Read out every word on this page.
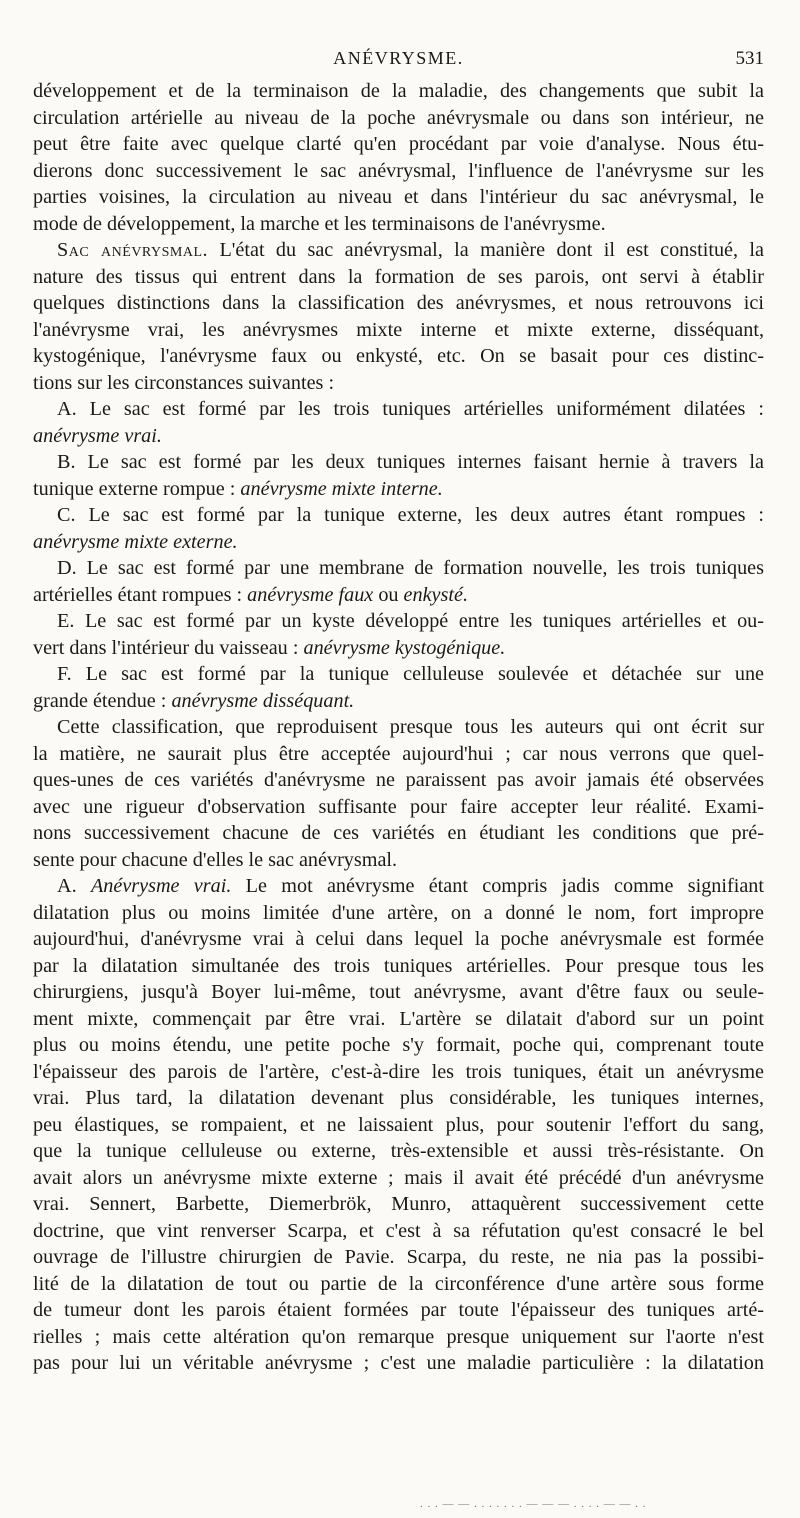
ANÉVRYSME.	531

développement et de la terminaison de la maladie, des changements que subit la

circulation artérielle au niveau de la poche anévrysmale ou dans son intérieur, ne

peut être faite avec quelque clarté qu'en procédant par voie d'analyse. Nous étu-

dierons donc successivement le sac anévrysmal, l'influence de l'anévrysme sur les

parties voisines, la circulation au niveau et dans l'intérieur du sac anévrysmal, le

mode de développement, la marche et les terminaisons de l'anévrysme.

Sac anévrysmal. L'état du sac anévrysmal, la manière dont il est constitué, la

nature des tissus qui entrent dans la formation de ses parois, ont servi à établir

quelques distinctions dans la classification des anévrysmes, et nous retrouvons ici

l'anévrysme vrai, les anévrysmes mixte interne et mixte externe, disséquant,

kystogénique, l'anévrysme faux ou enkysté, etc. On se basait pour ces distinc-

tions sur les circonstances suivantes :

A. Le sac est formé par les trois tuniques artérielles uniformément dilatées :

anévrysme vrai.

B. Le sac est formé par les deux tuniques internes faisant hernie à travers la

tunique externe rompue : anévrysme mixte interne.

C. Le sac est formé par la tunique externe, les deux autres étant rompues :

anévrysme mixte externe.

D. Le sac est formé par une membrane de formation nouvelle, les trois tuniques

artérielles étant rompues : anévrysme faux ou enkysté.

E. Le sac est formé par un kyste développé entre les tuniques artérielles et ou-

vert dans l'intérieur du vaisseau : anévrysme kystogénique.

F. Le sac est formé par la tunique celluleuse soulevée et détachée sur une

grande étendue : anévrysme disséquant.

Cette classification, que reproduisent presque tous les auteurs qui ont écrit sur

la matière, ne saurait plus être acceptée aujourd'hui ; car nous verrons que quel-

ques-unes de ces variétés d'anévrysme ne paraissent pas avoir jamais été observées

avec une rigueur d'observation suffisante pour faire accepter leur réalité. Exami-

nons successivement chacune de ces variétés en étudiant les conditions que pré-

sente pour chacune d'elles le sac anévrysmal.

A. Anévrysme vrai. Le mot anévrysme étant compris jadis comme signifiant

dilatation plus ou moins limitée d'une artère, on a donné le nom, fort impropre

aujourd'hui, d'anévrysme vrai à celui dans lequel la poche anévrysmale est formée

par la dilatation simultanée des trois tuniques artérielles. Pour presque tous les

chirurgiens, jusqu'à Boyer lui-même, tout anévrysme, avant d'être faux ou seule-

ment mixte, commençait par être vrai. L'artère se dilatait d'abord sur un point

plus ou moins étendu, une petite poche s'y formait, poche qui, comprenant toute

l'épaisseur des parois de l'artère, c'est-à-dire les trois tuniques, était un anévrysme

vrai. Plus tard, la dilatation devenant plus considérable, les tuniques internes,

peu élastiques, se rompaient, et ne laissaient plus, pour soutenir l'effort du sang,

que la tunique celluleuse ou externe, très-extensible et aussi très-résistante. On

avait alors un anévrysme mixte externe ; mais il avait été précédé d'un anévrysme

vrai. Sennert, Barbette, Diemerbrök, Munro, attaquèrent successivement cette

doctrine, que vint renverser Scarpa, et c'est à sa réfutation qu'est consacré le bel

ouvrage de l'illustre chirurgien de Pavie. Scarpa, du reste, ne nia pas la possibi-

lité de la dilatation de tout ou partie de la circonférence d'une artère sous forme

de tumeur dont les parois étaient formées par toute l'épaisseur des tuniques arté-

rielles ; mais cette altération qu'on remarque presque uniquement sur l'aorte n'est

pas pour lui un véritable anévrysme ; c'est une maladie particulière : la dilatation

. . . — — . . . . . . . — — — . . . . — — . .
